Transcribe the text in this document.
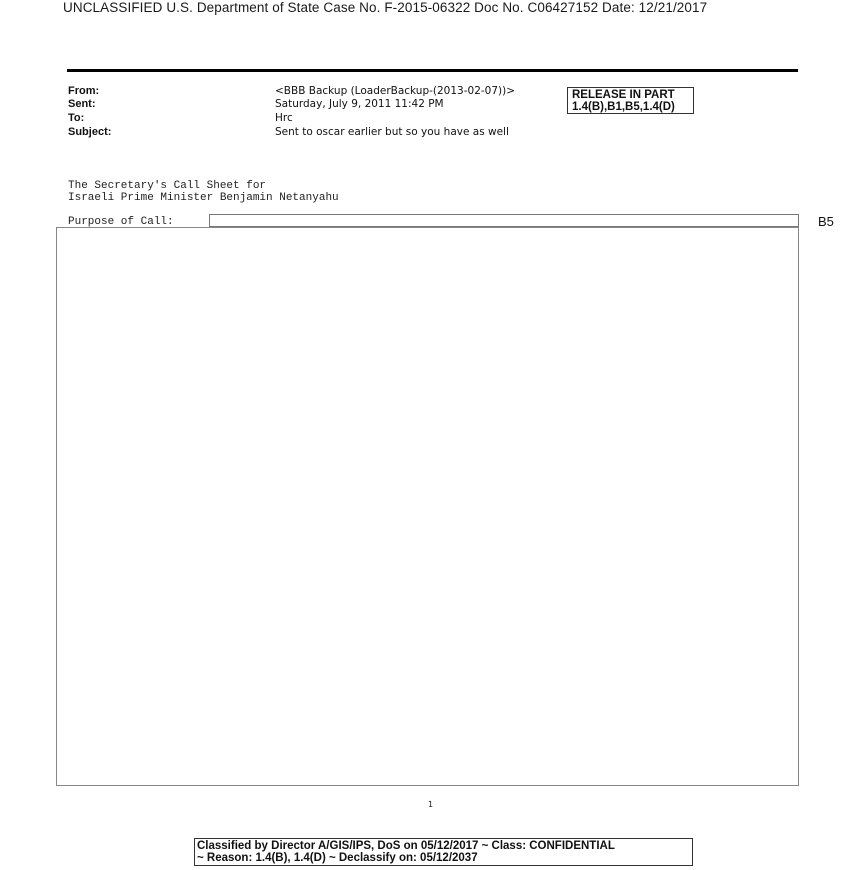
UNCLASSIFIED U.S. Department of State Case No. F-2015-06322 Doc No. C06427152 Date: 12/21/2017
From:	<BBB Backup (LoaderBackup-(2013-02-07))>
Sent:	Saturday, July 9, 2011 11:42 PM
To:	Hrc
Subject:	Sent to oscar earlier but so you have as well
RELEASE IN PART
1.4(B),B1,B5,1.4(D)
The Secretary's Call Sheet for
Israeli Prime Minister Benjamin Netanyahu
Purpose of Call:	B5
1
Classified by Director A/GIS/IPS, DoS on 05/12/2017 ~ Class: CONFIDENTIAL
~ Reason: 1.4(B), 1.4(D) ~ Declassify on: 05/12/2037
